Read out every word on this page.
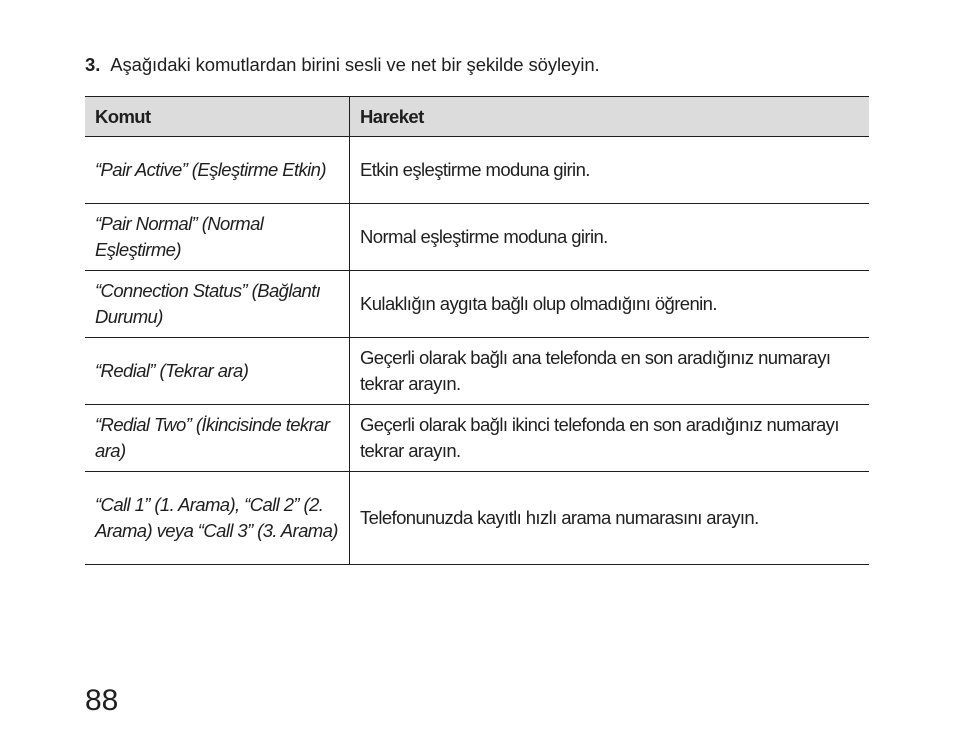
3. Aşağıdaki komutlardan birini sesli ve net bir şekilde söyleyin.
Komut	Hareket
“Pair Active” (Eşleştirme Etkin)	Etkin eşleştirme moduna girin.
“Pair Normal” (Normal Eşleştirme)	Normal eşleştirme moduna girin.
“Connection Status” (Bağlantı Durumu)	Kulaklığın aygıta bağlı olup olmadığını öğrenin.
“Redial” (Tekrar ara)	Geçerli olarak bağlı ana telefonda en son aradığınız numarayı tekrar arayın.
“Redial Two” (İkincisinde tekrar ara)	Geçerli olarak bağlı ikinci telefonda en son aradığınız numarayı tekrar arayın.
“Call 1” (1. Arama), “Call 2” (2. Arama) veya “Call 3” (3. Arama)	Telefonunuzda kayıtlı hızlı arama numarasını arayın.
88
